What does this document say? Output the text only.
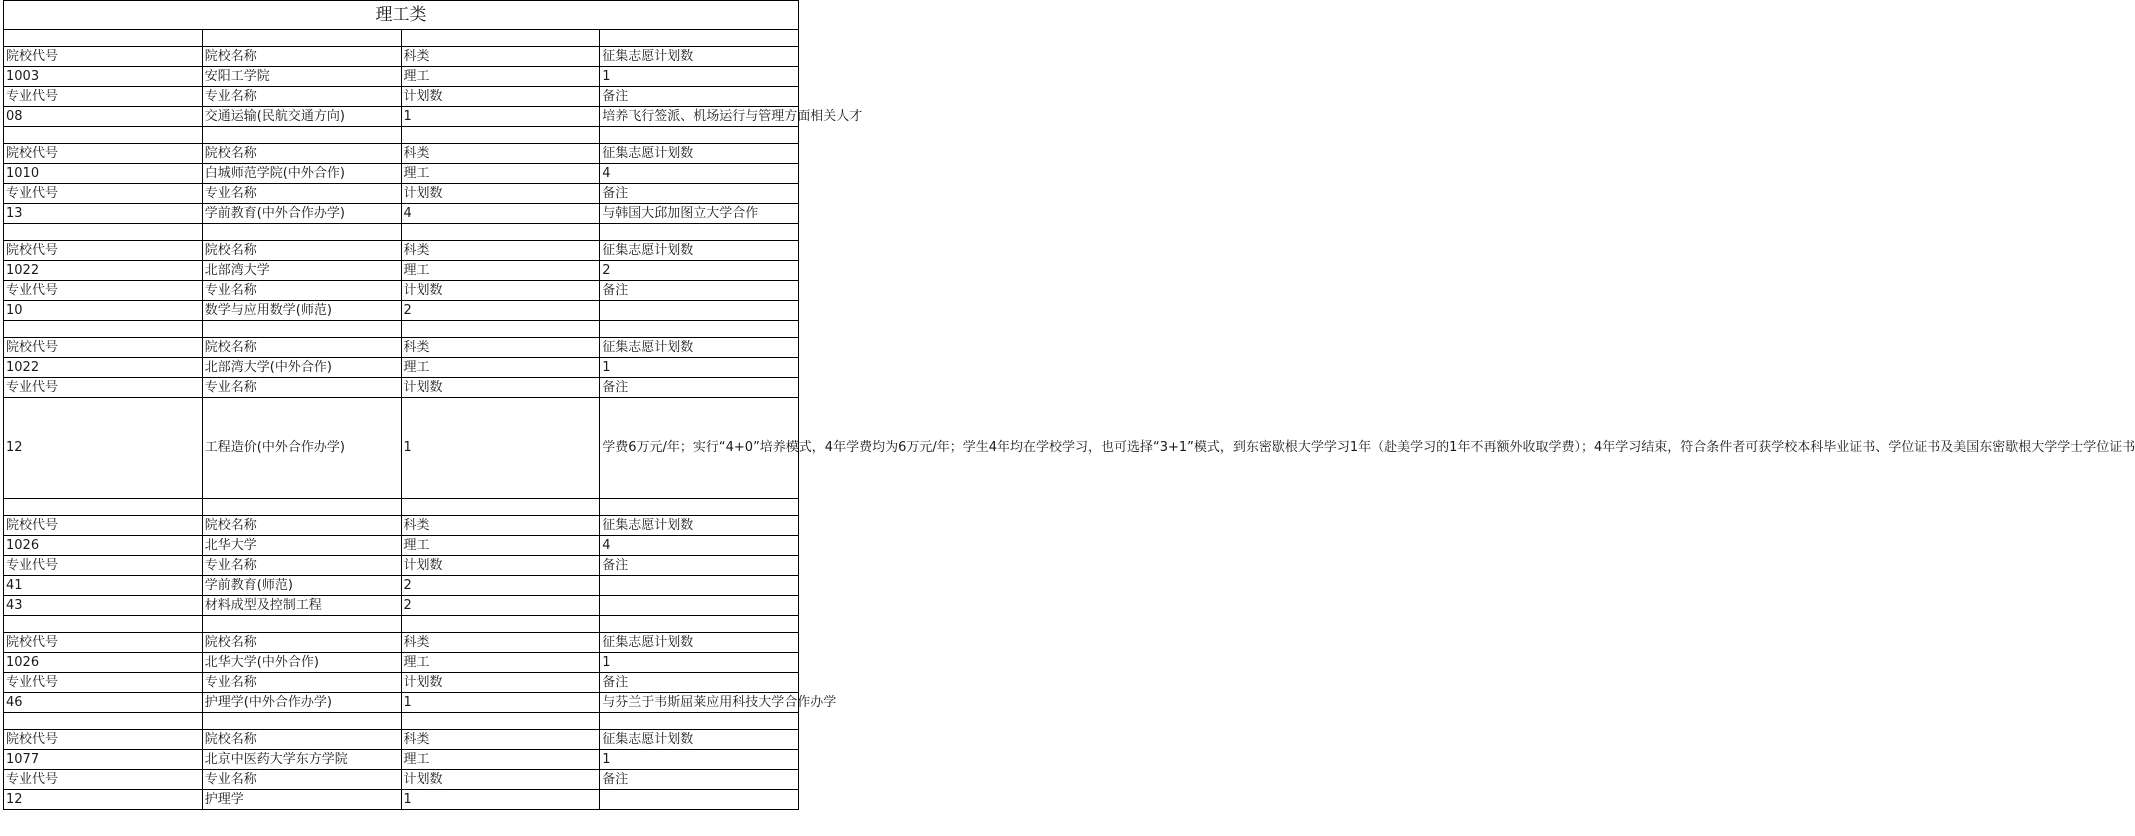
理工类			

院校代号	院校名称	科类	征集志愿计划数
1003	安阳工学院	理工	1
专业代号	专业名称	计划数	备注
08	交通运输(民航交通方向)	1	培养飞行签派、机场运行与管理方面相关人才

院校代号	院校名称	科类	征集志愿计划数
1010	白城师范学院(中外合作)	理工	4
专业代号	专业名称	计划数	备注
13	学前教育(中外合作办学)	4	与韩国大邱加图立大学合作

院校代号	院校名称	科类	征集志愿计划数
1022	北部湾大学	理工	2
专业代号	专业名称	计划数	备注
10	数学与应用数学(师范)	2	

院校代号	院校名称	科类	征集志愿计划数
1022	北部湾大学(中外合作)	理工	1
专业代号	专业名称	计划数	备注
12	工程造价(中外合作办学)	1	学费6万元/年；实行“4+0”培养模式，4年学费均为6万元/年；学生4年均在学校学习，也可选择“3+1”模式，到东密歇根大学学习1年（赴美学习的1年不再额外收取学费）；4年学习结束，符合条件者可获学校本科毕业证书、学位证书及美国东密歇根大学学士学位证书

院校代号	院校名称	科类	征集志愿计划数
1026	北华大学	理工	4
专业代号	专业名称	计划数	备注
41	学前教育(师范)	2	
43	材料成型及控制工程	2	

院校代号	院校名称	科类	征集志愿计划数
1026	北华大学(中外合作)	理工	1
专业代号	专业名称	计划数	备注
46	护理学(中外合作办学)	1	与芬兰于韦斯屈莱应用科技大学合作办学

院校代号	院校名称	科类	征集志愿计划数
1077	北京中医药大学东方学院	理工	1
专业代号	专业名称	计划数	备注
12	护理学	1	
